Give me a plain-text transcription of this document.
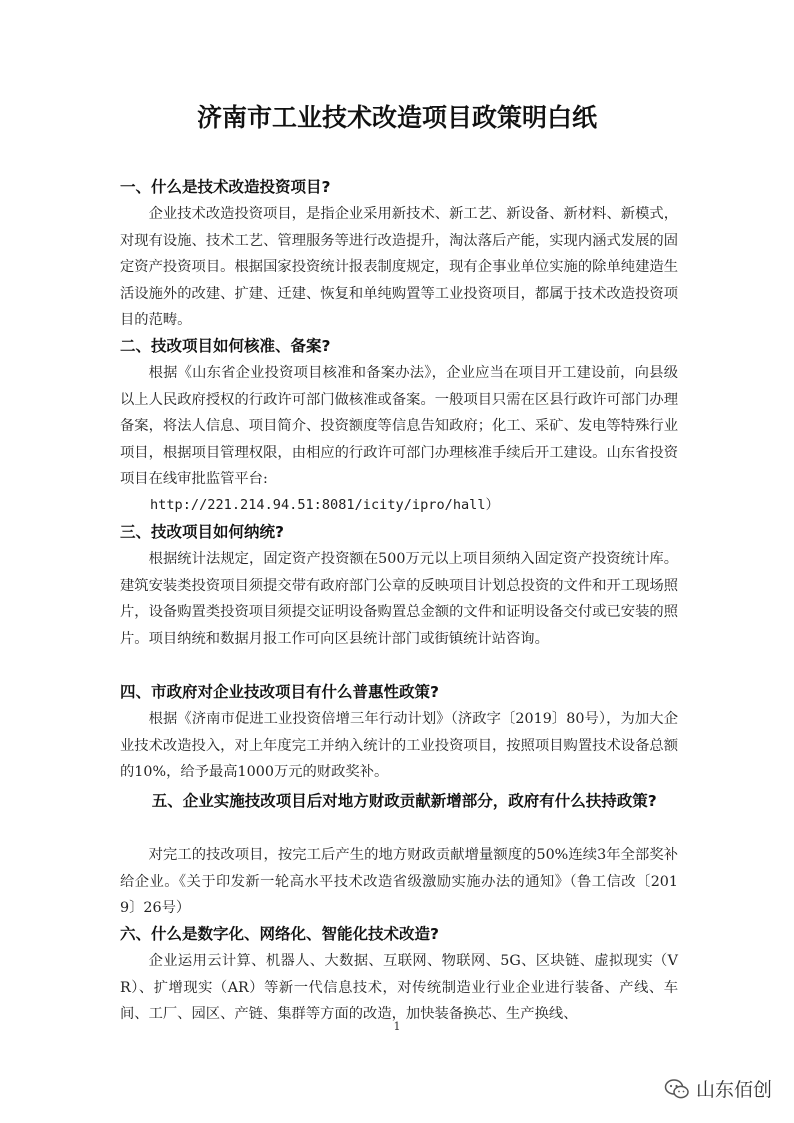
济南市工业技术改造项目政策明白纸
一、什么是技术改造投资项目?
企业技术改造投资项目，是指企业采用新技术、新工艺、新设备、新材料、新模式，对现有设施、技术工艺、管理服务等进行改造提升，淘汰落后产能，实现内涵式发展的固定资产投资项目。根据国家投资统计报表制度规定，现有企事业单位实施的除单纯建造生活设施外的改建、扩建、迁建、恢复和单纯购置等工业投资项目，都属于技术改造投资项目的范畴。
二、技改项目如何核准、备案?
根据《山东省企业投资项目核准和备案办法》，企业应当在项目开工建设前，向县级以上人民政府授权的行政许可部门做核准或备案。一般项目只需在区县行政许可部门办理备案，将法人信息、项目简介、投资额度等信息告知政府；化工、采矿、发电等特殊行业项目，根据项目管理权限，由相应的行政许可部门办理核准手续后开工建设。山东省投资项目在线审批监管平台:
http://221.214.94.51:8081/icity/ipro/hall）
三、技改项目如何纳统?
根据统计法规定，固定资产投资额在500万元以上项目须纳入固定资产投资统计库。建筑安装类投资项目须提交带有政府部门公章的反映项目计划总投资的文件和开工现场照片，设备购置类投资项目须提交证明设备购置总金额的文件和证明设备交付或已安装的照片。项目纳统和数据月报工作可向区县统计部门或街镇统计站咨询。
四、市政府对企业技改项目有什么普惠性政策?
根据《济南市促进工业投资倍增三年行动计划》（济政字〔2019〕80号），为加大企业技术改造投入，对上年度完工并纳入统计的工业投资项目，按照项目购置技术设备总额的10%，给予最高1000万元的财政奖补。
五、企业实施技改项目后对地方财政贡献新增部分，政府有什么扶持政策?
对完工的技改项目，按完工后产生的地方财政贡献增量额度的50%连续3年全部奖补给企业。《关于印发新一轮高水平技术改造省级激励实施办法的通知》（鲁工信改〔2019〕26号）
六、什么是数字化、网络化、智能化技术改造?
企业运用云计算、机器人、大数据、互联网、物联网、5G、区块链、虚拟现实（VR）、扩增现实（AR）等新一代信息技术，对传统制造业行业企业进行装备、产线、车间、工厂、园区、产链、集群等方面的改造，加快装备换芯、生产换线、
1
山东佰创
